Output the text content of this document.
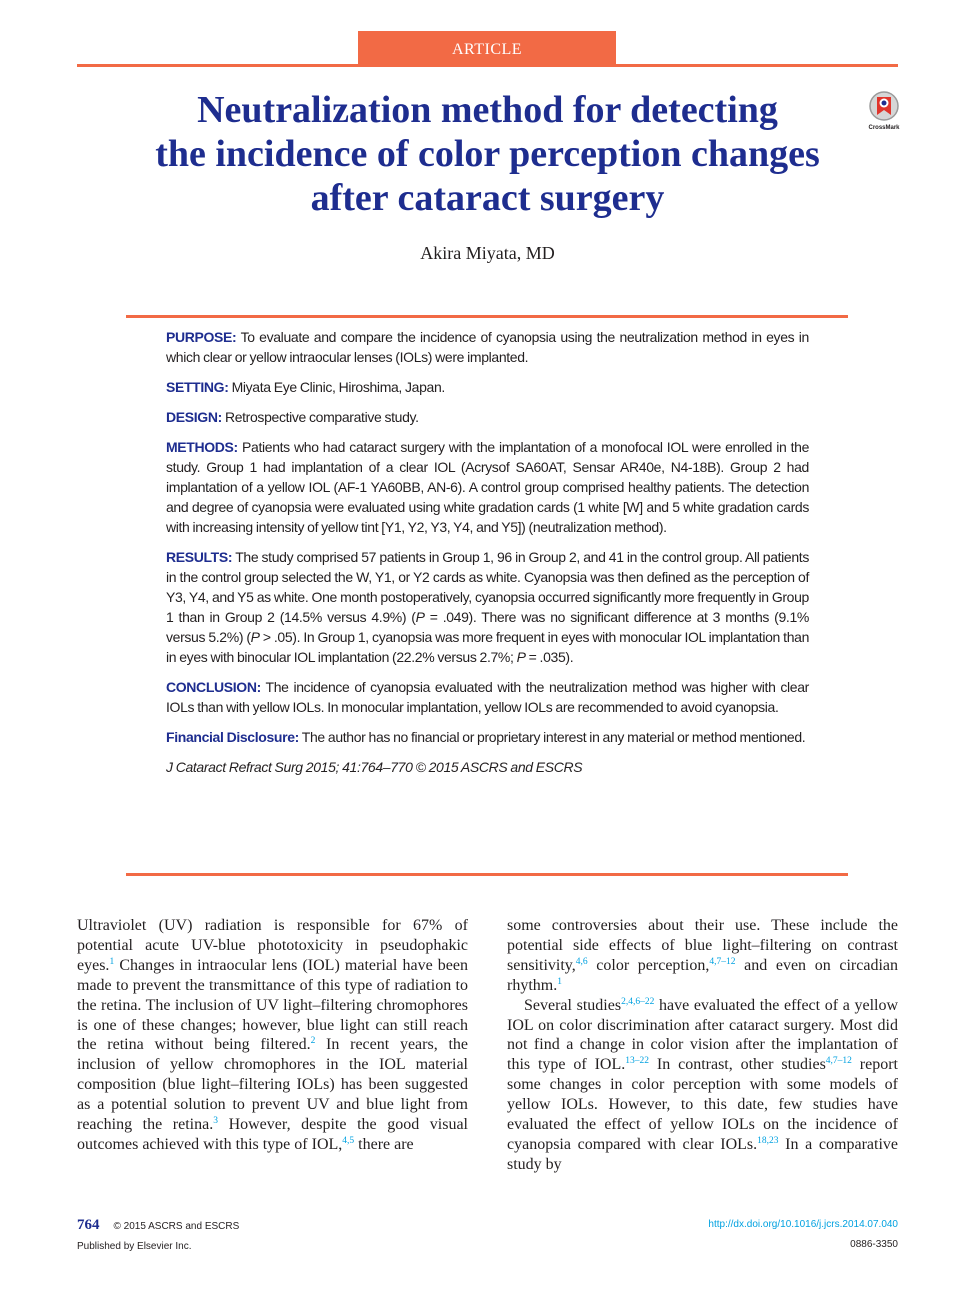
ARTICLE
Neutralization method for detecting
the incidence of color perception changes
after cataract surgery
CrossMark
Akira Miyata, MD

PURPOSE: To evaluate and compare the incidence of cyanopsia using the neutralization method in eyes in which clear or yellow intraocular lenses (IOLs) were implanted.

SETTING: Miyata Eye Clinic, Hiroshima, Japan.

DESIGN: Retrospective comparative study.

METHODS: Patients who had cataract surgery with the implantation of a monofocal IOL were enrolled in the study. Group 1 had implantation of a clear IOL (Acrysof SA60AT, Sensar AR40e, N4-18B). Group 2 had implantation of a yellow IOL (AF-1 YA60BB, AN-6). A control group comprised healthy patients. The detection and degree of cyanopsia were evaluated using white gradation cards (1 white [W] and 5 white gradation cards with increasing intensity of yellow tint [Y1, Y2, Y3, Y4, and Y5]) (neutralization method).

RESULTS: The study comprised 57 patients in Group 1, 96 in Group 2, and 41 in the control group. All patients in the control group selected the W, Y1, or Y2 cards as white. Cyanopsia was then defined as the perception of Y3, Y4, and Y5 as white. One month postoperatively, cyanopsia occurred significantly more frequently in Group 1 than in Group 2 (14.5% versus 4.9%) (P = .049). There was no significant difference at 3 months (9.1% versus 5.2%) (P > .05). In Group 1, cyanopsia was more frequent in eyes with monocular IOL implantation than in eyes with binocular IOL implantation (22.2% versus 2.7%; P = .035).

CONCLUSION: The incidence of cyanopsia evaluated with the neutralization method was higher with clear IOLs than with yellow IOLs. In monocular implantation, yellow IOLs are recommended to avoid cyanopsia.

Financial Disclosure: The author has no financial or proprietary interest in any material or method mentioned.

J Cataract Refract Surg 2015; 41:764–770 © 2015 ASCRS and ESCRS

Ultraviolet (UV) radiation is responsible for 67% of potential acute UV-blue phototoxicity in pseudophakic eyes.$^1$ Changes in intraocular lens (IOL) material have been made to prevent the transmittance of this type of radiation to the retina. The inclusion of UV light–filtering chromophores is one of these changes; however, blue light can still reach the retina without being filtered.$^2$ In recent years, the inclusion of yellow chromophores in the IOL material composition (blue light–filtering IOLs) has been suggested as a potential solution to prevent UV and blue light from reaching the retina.$^3$ However, despite the good visual outcomes achieved with this type of IOL,$^{4,5}$ there are

some controversies about their use. These include the potential side effects of blue light–filtering on contrast sensitivity,$^{4,6}$ color perception,$^{4,7-12}$ and even on circadian rhythm.$^1$

Several studies$^{2,4,6-22}$ have evaluated the effect of a yellow IOL on color discrimination after cataract surgery. Most did not find a change in color vision after the implantation of this type of IOL.$^{13-22}$ In contrast, other studies$^{4,7-12}$ report some changes in color perception with some models of yellow IOLs. However, to this date, few studies have evaluated the effect of yellow IOLs on the incidence of cyanopsia compared with clear IOLs.$^{18,23}$ In a comparative study by

764 © 2015 ASCRS and ESCRS
Published by Elsevier Inc.
http://dx.doi.org/10.1016/j.jcrs.2014.07.040
0886-3350
